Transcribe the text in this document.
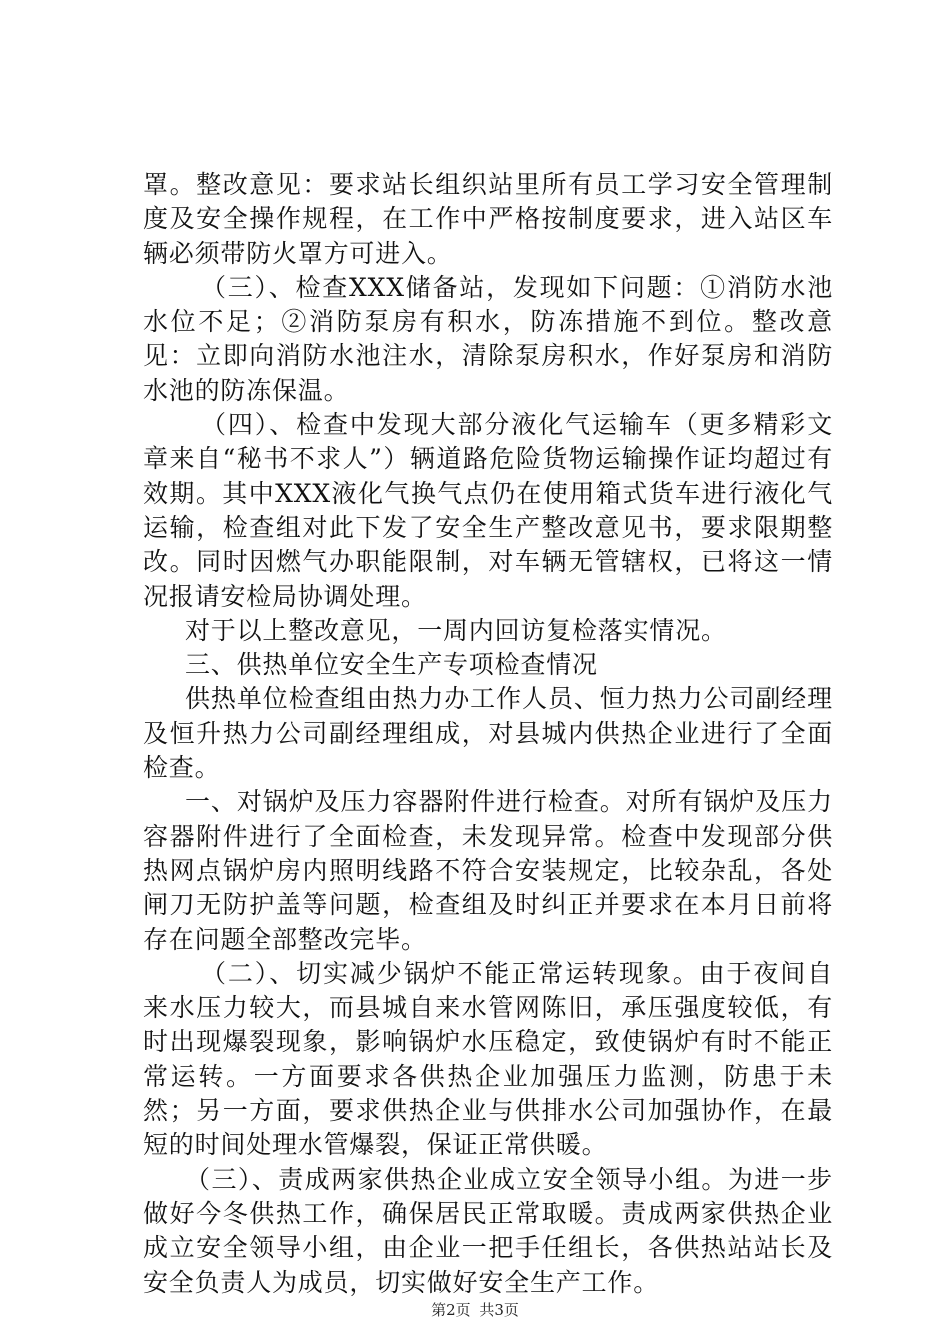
罩。整改意见：要求站长组织站里所有员工学习安全管理制度及安全操作规程，在工作中严格按制度要求，进入站区车辆必须带防火罩方可进入。

（三）、检查XXX储备站，发现如下问题：①消防水池水位不足；②消防泵房有积水，防冻措施不到位。整改意见：立即向消防水池注水，清除泵房积水，作好泵房和消防水池的防冻保温。

（四）、检查中发现大部分液化气运输车（更多精彩文章来自“秘书不求人”）辆道路危险货物运输操作证均超过有效期。其中XXX液化气换气点仍在使用箱式货车进行液化气运输，检查组对此下发了安全生产整改意见书，要求限期整改。同时因燃气办职能限制，对车辆无管辖权，已将这一情况报请安检局协调处理。

对于以上整改意见，一周内回访复检落实情况。

三、供热单位安全生产专项检查情况

供热单位检查组由热力办工作人员、恒力热力公司副经理及恒升热力公司副经理组成，对县城内供热企业进行了全面检查。

一、对锅炉及压力容器附件进行检查。对所有锅炉及压力容器附件进行了全面检查，未发现异常。检查中发现部分供热网点锅炉房内照明线路不符合安装规定，比较杂乱，各处闸刀无防护盖等问题，检查组及时纠正并要求在本月日前将存在问题全部整改完毕。

（二）、切实减少锅炉不能正常运转现象。由于夜间自来水压力较大，而县城自来水管网陈旧，承压强度较低，有时出现爆裂现象，影响锅炉水压稳定，致使锅炉有时不能正常运转。一方面要求各供热企业加强压力监测，防患于未然；另一方面，要求供热企业与供排水公司加强协作，在最短的时间处理水管爆裂，保证正常供暖。

（三）、责成两家供热企业成立安全领导小组。为进一步做好今冬供热工作，确保居民正常取暖。责成两家供热企业成立安全领导小组，由企业一把手任组长，各供热站站长及安全负责人为成员，切实做好安全生产工作。

第2页 共3页
